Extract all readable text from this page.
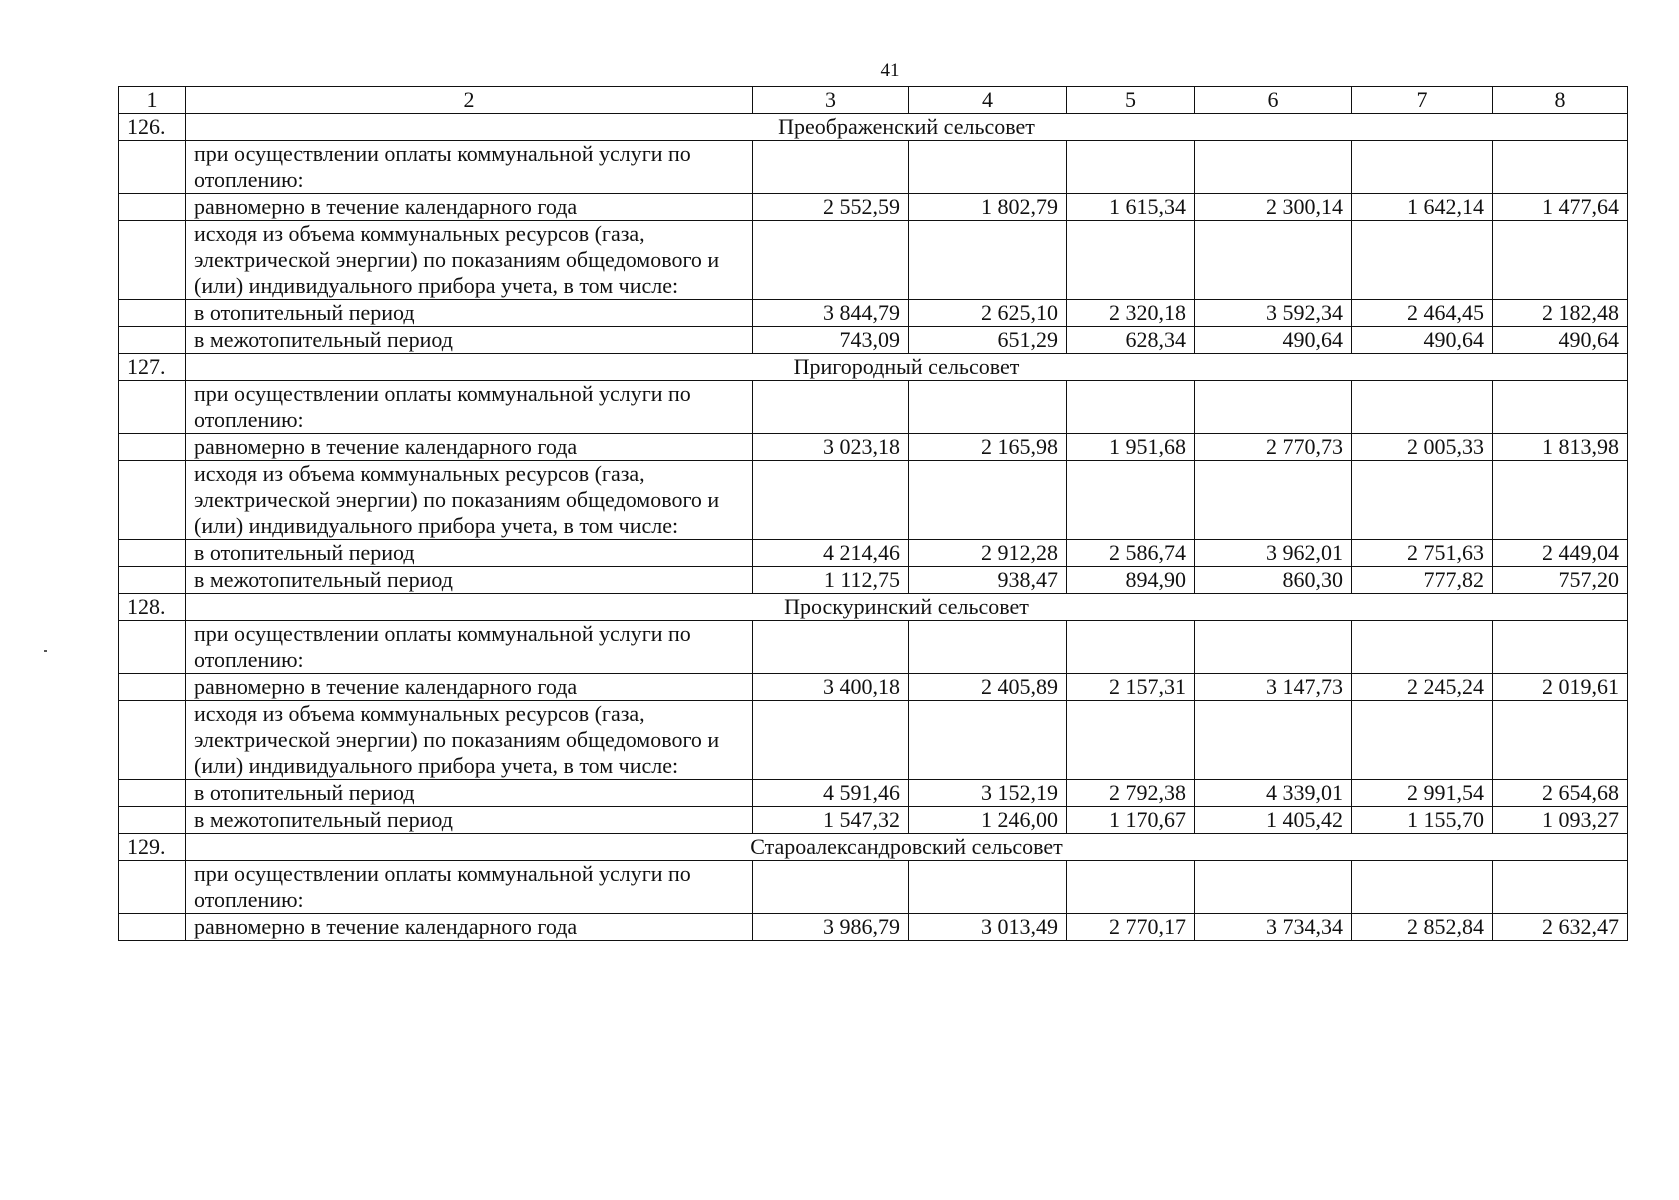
41
1	2	3	4	5	6	7	8
126.	Преображенский сельсовет						
	при осуществлении оплаты коммунальной услуги по отоплению:						
	равномерно в течение календарного года	2 552,59	1 802,79	1 615,34	2 300,14	1 642,14	1 477,64
	исходя из объема коммунальных ресурсов (газа, электрической энергии) по показаниям общедомового и (или) индивидуального прибора учета, в том числе:						
	в отопительный период	3 844,79	2 625,10	2 320,18	3 592,34	2 464,45	2 182,48
	в межотопительный период	743,09	651,29	628,34	490,64	490,64	490,64
127.	Пригородный сельсовет						
	при осуществлении оплаты коммунальной услуги по отоплению:						
	равномерно в течение календарного года	3 023,18	2 165,98	1 951,68	2 770,73	2 005,33	1 813,98
	исходя из объема коммунальных ресурсов (газа, электрической энергии) по показаниям общедомового и (или) индивидуального прибора учета, в том числе:						
	в отопительный период	4 214,46	2 912,28	2 586,74	3 962,01	2 751,63	2 449,04
	в межотопительный период	1 112,75	938,47	894,90	860,30	777,82	757,20
128.	Проскуринский сельсовет						
	при осуществлении оплаты коммунальной услуги по отоплению:						
	равномерно в течение календарного года	3 400,18	2 405,89	2 157,31	3 147,73	2 245,24	2 019,61
	исходя из объема коммунальных ресурсов (газа, электрической энергии) по показаниям общедомового и (или) индивидуального прибора учета, в том числе:						
	в отопительный период	4 591,46	3 152,19	2 792,38	4 339,01	2 991,54	2 654,68
	в межотопительный период	1 547,32	1 246,00	1 170,67	1 405,42	1 155,70	1 093,27
129.	Староалександровский сельсовет						
	при осуществлении оплаты коммунальной услуги по отоплению:						
	равномерно в течение календарного года	3 986,79	3 013,49	2 770,17	3 734,34	2 852,84	2 632,47
